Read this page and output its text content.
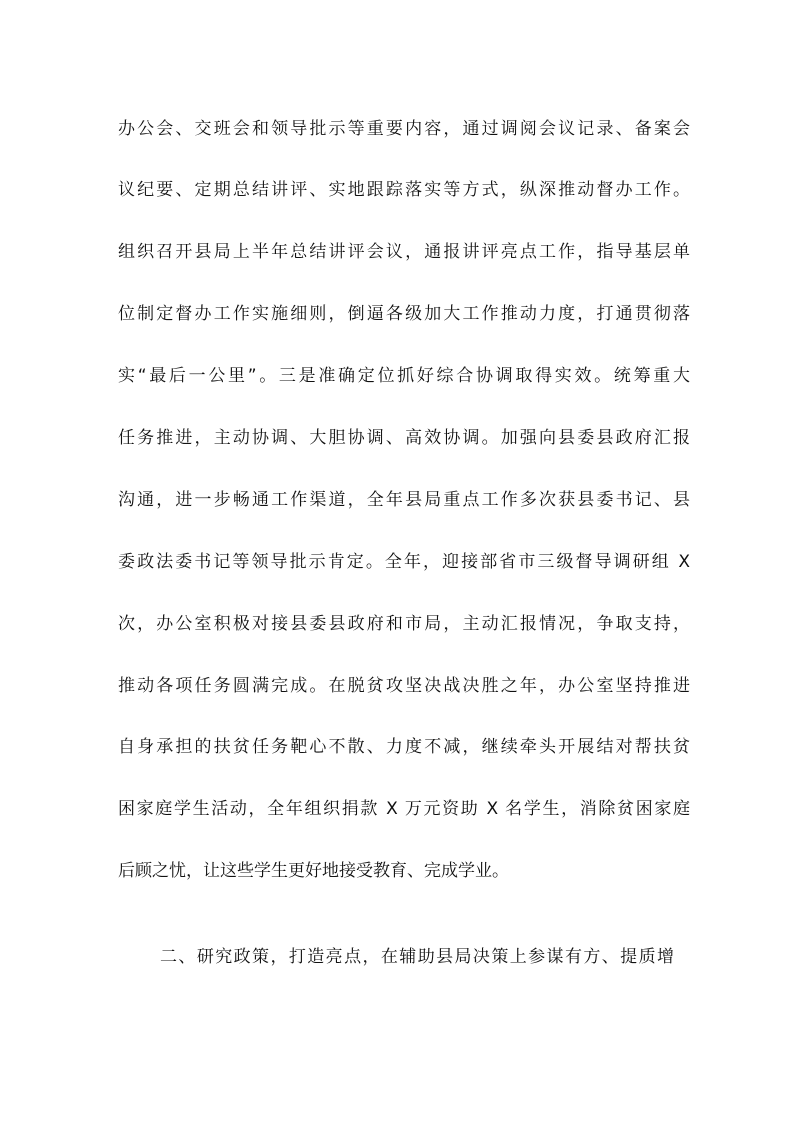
办公会、交班会和领导批示等重要内容，通过调阅会议记录、备案会
议纪要、定期总结讲评、实地跟踪落实等方式，纵深推动督办工作。
组织召开县局上半年总结讲评会议，通报讲评亮点工作，指导基层单
位制定督办工作实施细则，倒逼各级加大工作推动力度，打通贯彻落
实“最后一公里”。三是准确定位抓好综合协调取得实效。统筹重大
任务推进，主动协调、大胆协调、高效协调。加强向县委县政府汇报
沟通，进一步畅通工作渠道，全年县局重点工作多次获县委书记、县
委政法委书记等领导批示肯定。全年，迎接部省市三级督导调研组 X
次，办公室积极对接县委县政府和市局，主动汇报情况，争取支持，
推动各项任务圆满完成。在脱贫攻坚决战决胜之年，办公室坚持推进
自身承担的扶贫任务靶心不散、力度不减，继续牵头开展结对帮扶贫
困家庭学生活动，全年组织捐款 X 万元资助 X 名学生，消除贫困家庭
后顾之忧，让这些学生更好地接受教育、完成学业。
二、研究政策，打造亮点，在辅助县局决策上参谋有方、提质增
